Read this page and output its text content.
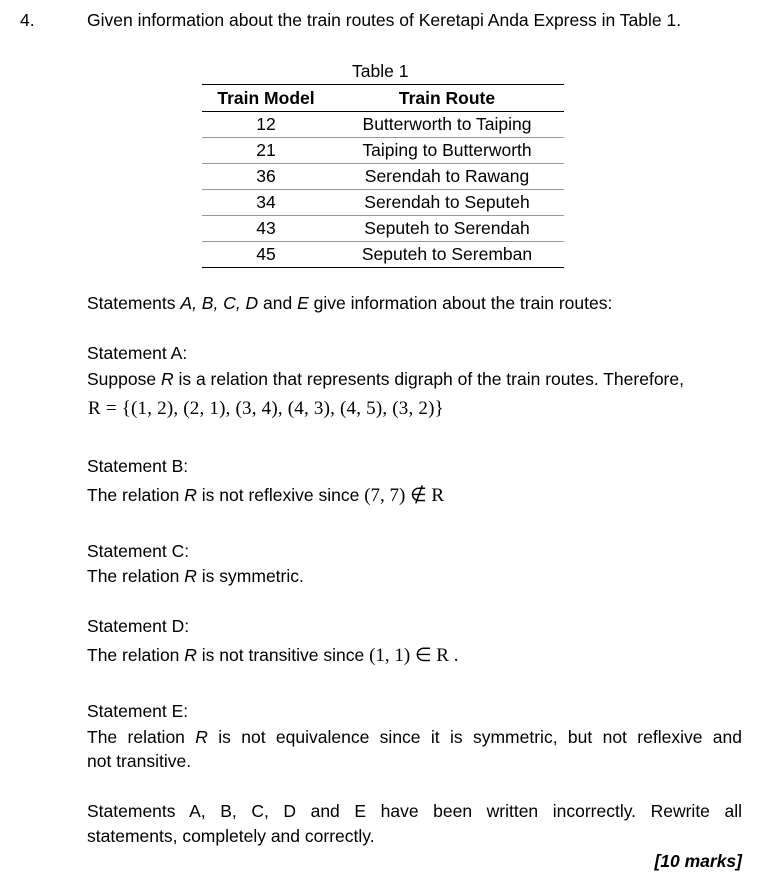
4.	Given information about the train routes of Keretapi Anda Express in Table 1.
Table 1
Train Model	Train Route
12	Butterworth to Taiping
21	Taiping to Butterworth
36	Serendah to Rawang
34	Serendah to Seputeh
43	Seputeh to Serendah
45	Seputeh to Seremban
Statements A, B, C, D and E give information about the train routes:
Statement A:
Suppose R is a relation that represents digraph of the train routes. Therefore,
R = {(1, 2), (2, 1), (3, 4), (4, 3), (4, 5), (3, 2)}
Statement B:
The relation R is not reflexive since (7, 7) ∉ R
Statement C:
The relation R is symmetric.
Statement D:
The relation R is not transitive since (1, 1) ∈ R .
Statement E:
The relation R is not equivalence since it is symmetric, but not reflexive and
not transitive.
Statements A, B, C, D and E have been written incorrectly. Rewrite all
statements, completely and correctly.
[10 marks]
